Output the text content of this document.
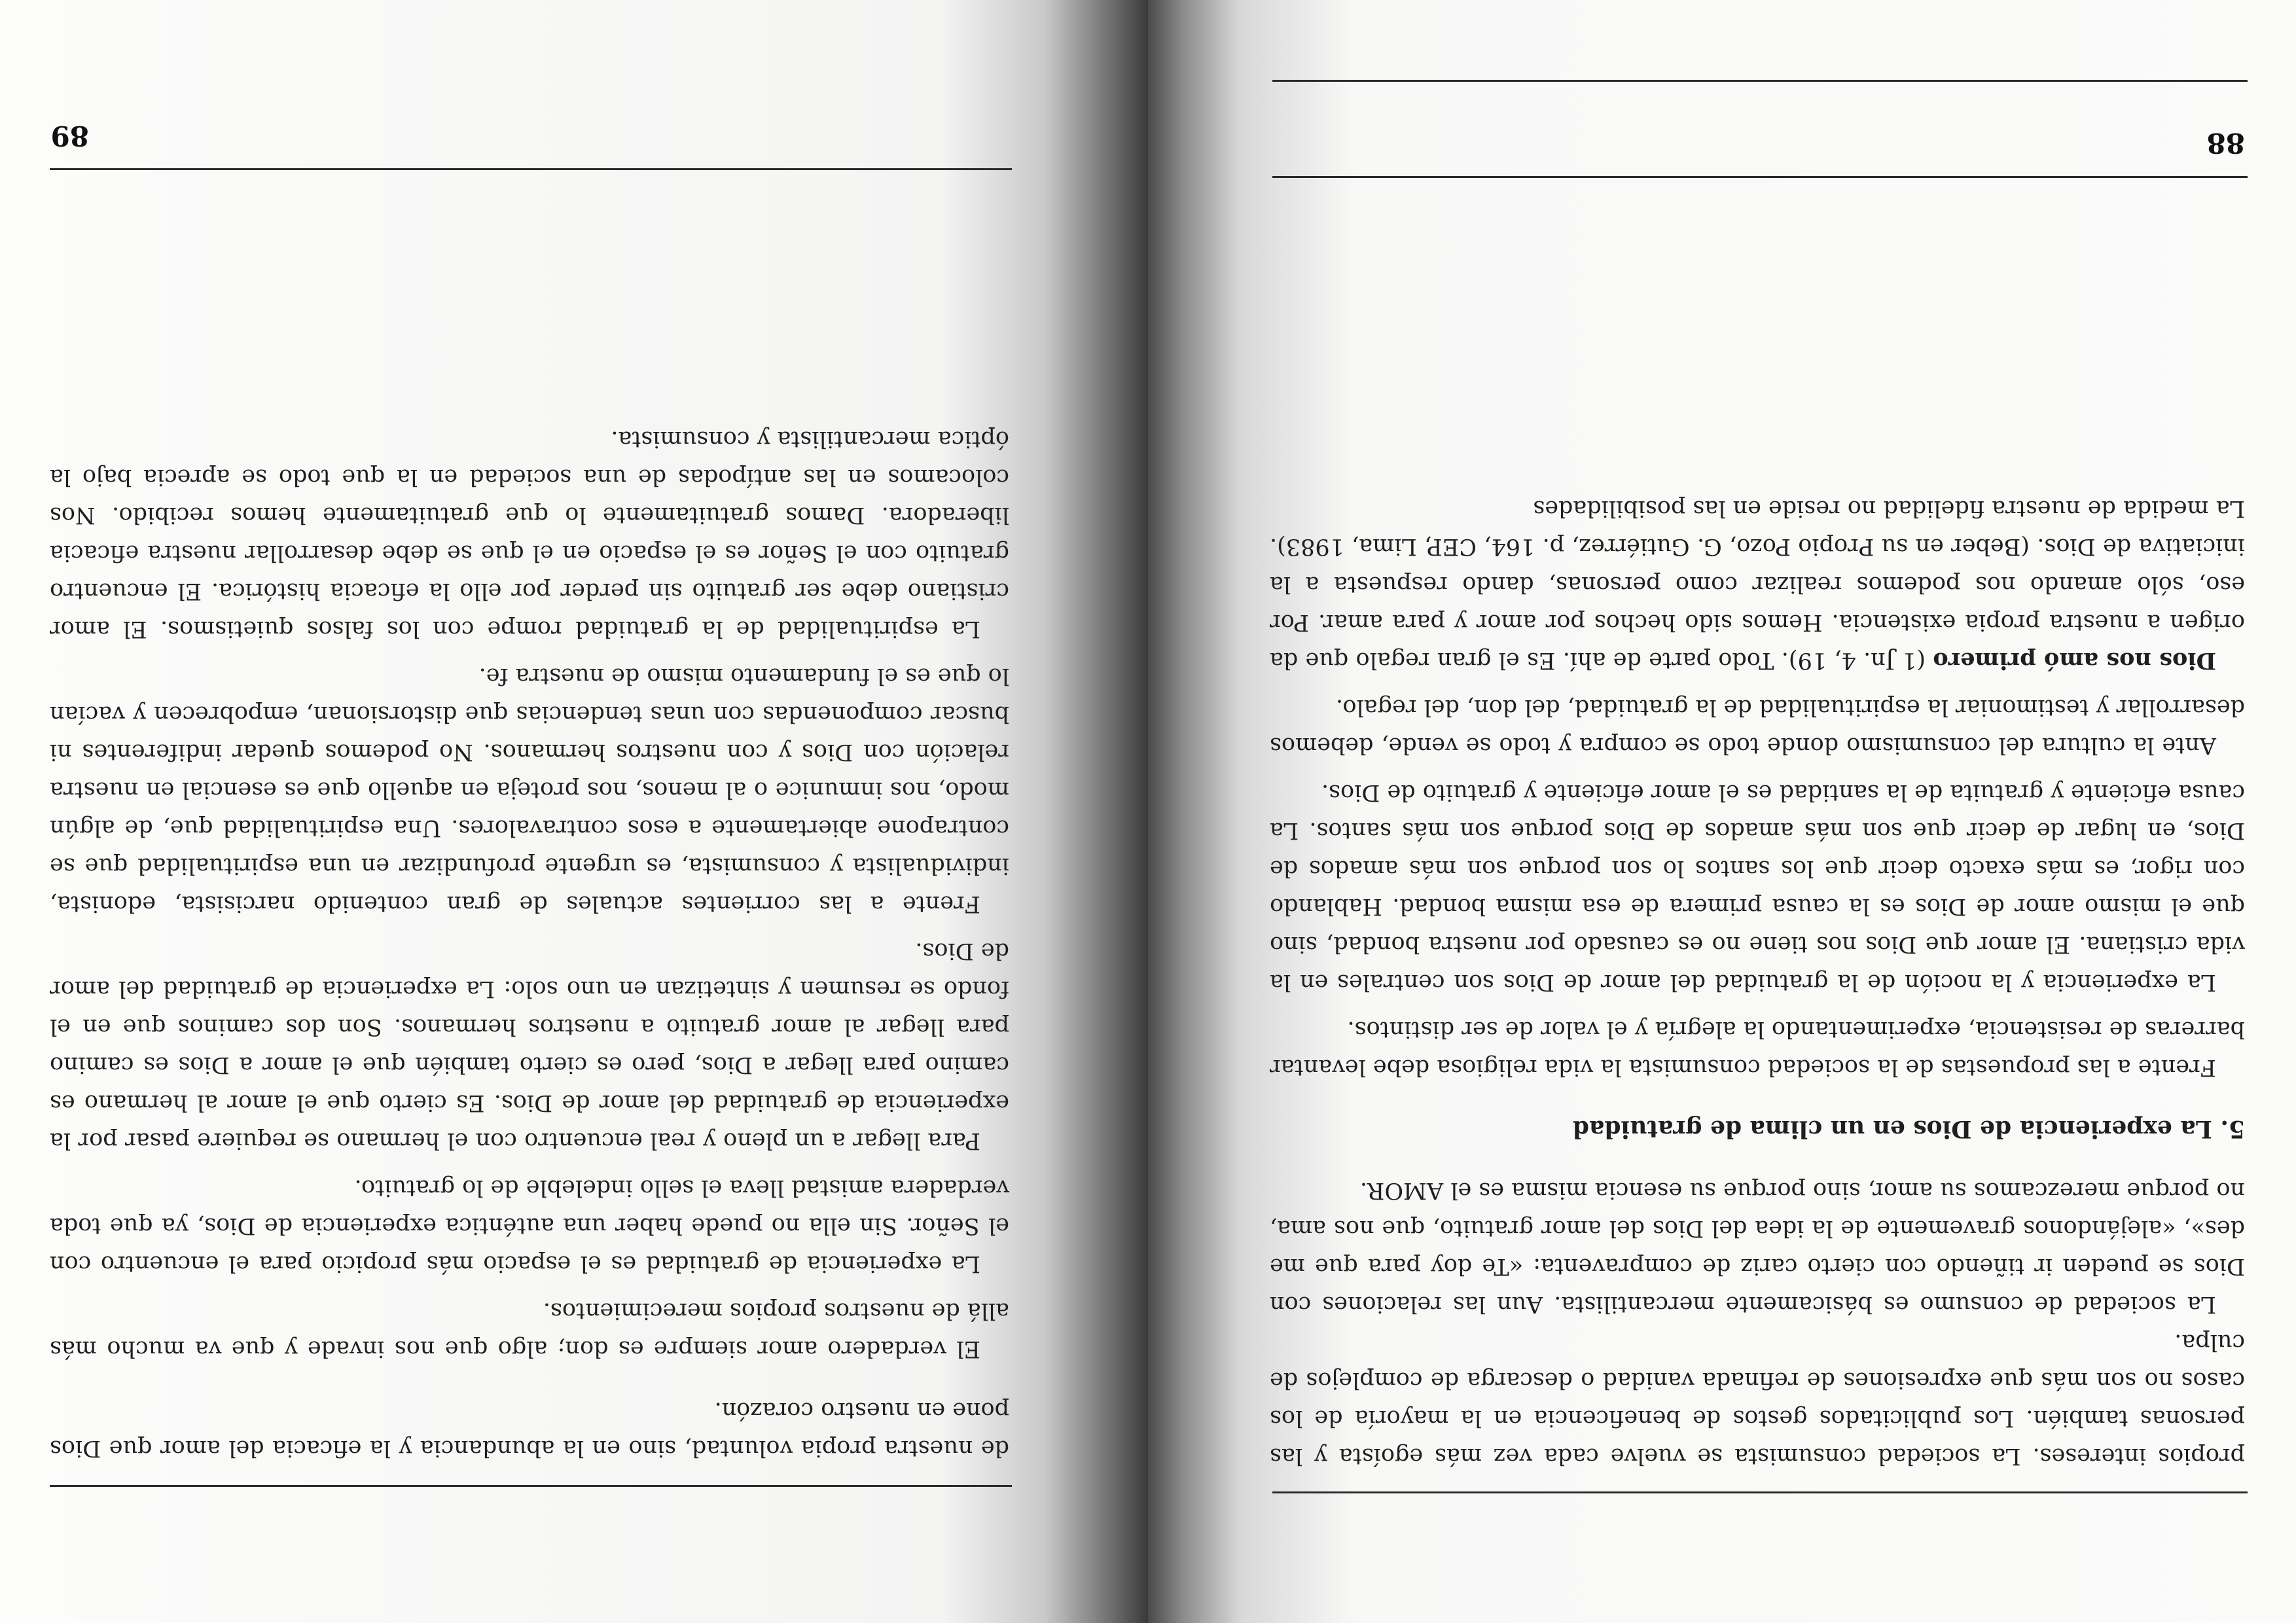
88

propios intereses. La sociedad consumista se vuelve cada vez más egoísta y las personas también. Los publicitados gestos de beneficencia en la mayoría de los casos no son más que expresiones de refinada vanidad o descarga de complejos de culpa.

La sociedad de consumo es básicamente mercantilista. Aun las relaciones con Dios se pueden ir tiñendo con cierto cariz de compraventa: «Te doy para que me des», «alejándonos gravemente de la idea del Dios del amor gratuito, que nos ama, no porque merezcamos su amor, sino porque su esencia misma es el AMOR.

5. La experiencia de Dios en un clima de gratuidad

Frente a las propuestas de la sociedad consumista la vida religiosa debe levantar barreras de resistencia, experimentando la alegría y el valor de ser distintos.

La experiencia y la noción de la gratuidad del amor de Dios son centrales en la vida cristiana. El amor que Dios nos tiene no es causado por nuestra bondad, sino que el mismo amor de Dios es la causa primera de esa misma bondad. Hablando con rigor, es más exacto decir que los santos lo son porque son más amados de Dios, en lugar de decir que son más amados de Dios porque son más santos. La causa eficiente y gratuita de la santidad es el amor eficiente y gratuito de Dios.

Ante la cultura del consumismo donde todo se compra y todo se vende, debemos desarrollar y testimoniar la espiritualidad de la gratuidad, del don, del regalo.

Dios nos amó primero (1 Jn. 4, 19). Todo parte de ahí. Es el gran regalo que da origen a nuestra propia existencia. Hemos sido hechos por amor y para amar. Por eso, sólo amando nos podemos realizar como personas, dando respuesta a la iniciativa de Dios. (Beber en su Propio Pozo, G. Gutiérrez, p. 164, CEP, Lima, 1983). La medida de nuestra fidelidad no reside en las posibilidades

89

de nuestra propia voluntad, sino en la abundancia y la eficacia del amor que Dios pone en nuestro corazón.

El verdadero amor siempre es don; algo que nos invade y que va mucho más allá de nuestros propios merecimientos.

La experiencia de gratuidad es el espacio más propicio para el encuentro con el Señor. Sin ella no puede haber una auténtica experiencia de Dios, ya que toda verdadera amistad lleva el sello indeleble de lo gratuito.

Para llegar a un pleno y real encuentro con el hermano se requiere pasar por la experiencia de gratuidad del amor de Dios. Es cierto que el amor al hermano es camino para llegar a Dios, pero es cierto también que el amor a Dios es camino para llegar al amor gratuito a nuestros hermanos. Son dos caminos que en el fondo se resumen y sintetizan en uno solo: La experiencia de gratuidad del amor de Dios.

Frente a las corrientes actuales de gran contenido narcisista, edonista, individualista y consumista, es urgente profundizar en una espiritualidad que se contrapone abiertamente a esos contravalores. Una espiritualidad que, de algún modo, nos inmunice o al menos, nos proteja en aquello que es esencial en nuestra relación con Dios y con nuestros hermanos. No podemos quedar indiferentes ni buscar componendas con unas tendencias que distorsionan, empobrecen y vacían lo que es el fundamento mismo de nuestra fe.

La espiritualidad de la gratuidad rompe con los falsos quietismos. El amor cristiano debe ser gratuito sin perder por ello la eficacia histórica. El encuentro gratuito con el Señor es el espacio en el que se debe desarrollar nuestra eficacia liberadora. Damos gratuitamente lo que gratuitamente hemos recibido. Nos colocamos en las antípodas de una sociedad en la que todo se aprecia bajo la óptica mercantilista y consumista.
